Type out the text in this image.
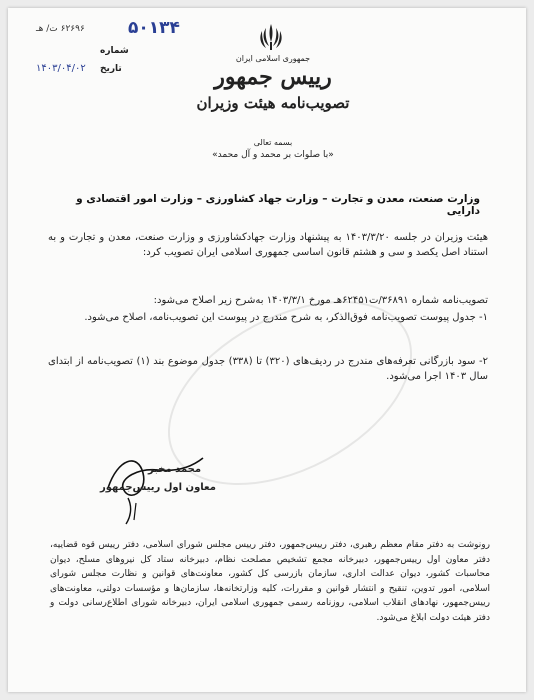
۵۰۱۳۴
۶۲۶۹۶ ت/ هـ
شماره
تاریخ
۱۴۰۳/۰۴/۰۲
جمهوری اسلامی ایران
رییس جمهور
تصویب‌نامه هیئت وزیران
بسمه تعالی
«با صلوات بر محمد و آل محمد»
وزارت صنعت، معدن و تجارت – وزارت جهاد کشاورزی – وزارت امور اقتصادی و دارایی
هیئت وزیران در جلسه ۱۴۰۳/۳/۲۰ به پیشنهاد وزارت جهاد‌کشاورزی و وزارت صنعت، معدن و تجارت و به استناد اصل یکصد و سی و هشتم قانون اساسی جمهوری اسلامی ایران تصویب کرد:
تصویب‌نامه شماره ۳۶۸۹۱/ت۶۲۴۵۱هـ مورخ ۱۴۰۳/۳/۱ به‌شرح زیر اصلاح می‌شود:
۱- جدول پیوست تصویب‌نامه فوق‌الذکر، به شرح مندرج در پیوست این تصویب‌نامه، اصلاح می‌شود.
۲- سود بازرگانی تعرفه‌های مندرج در ردیف‌های (۳۲۰) تا (۳۳۸) جدول موضوع بند (۱) تصویب‌نامه از ابتدای سال ۱۴۰۳ اجرا می‌شود.
محمد مخبر
معاون اول رییس‌جمهور
رونوشت به دفتر مقام معظم رهبری، دفتر رییس‌جمهور، دفتر رییس مجلس شورای اسلامی، دفتر رییس قوه قضاییه، دفتر معاون اول رییس‌جمهور، دبیرخانه مجمع تشخیص مصلحت نظام، دبیرخانه ستاد کل نیروهای مسلح، دیوان محاسبات کشور، دیوان عدالت اداری، سازمان بازرسی کل کشور، معاونت‌های قوانین و نظارت مجلس شورای اسلامی، امور تدوین، تنقیح و انتشار قوانین و مقررات، کلیه وزارتخانه‌ها، سازمان‌ها و مؤسسات دولتی، معاونت‌های رییس‌جمهور، نهادهای انقلاب اسلامی، روزنامه رسمی جمهوری اسلامی ایران، دبیرخانه شورای اطلاع‌رسانی دولت و دفتر هیئت دولت ابلاغ می‌شود.
